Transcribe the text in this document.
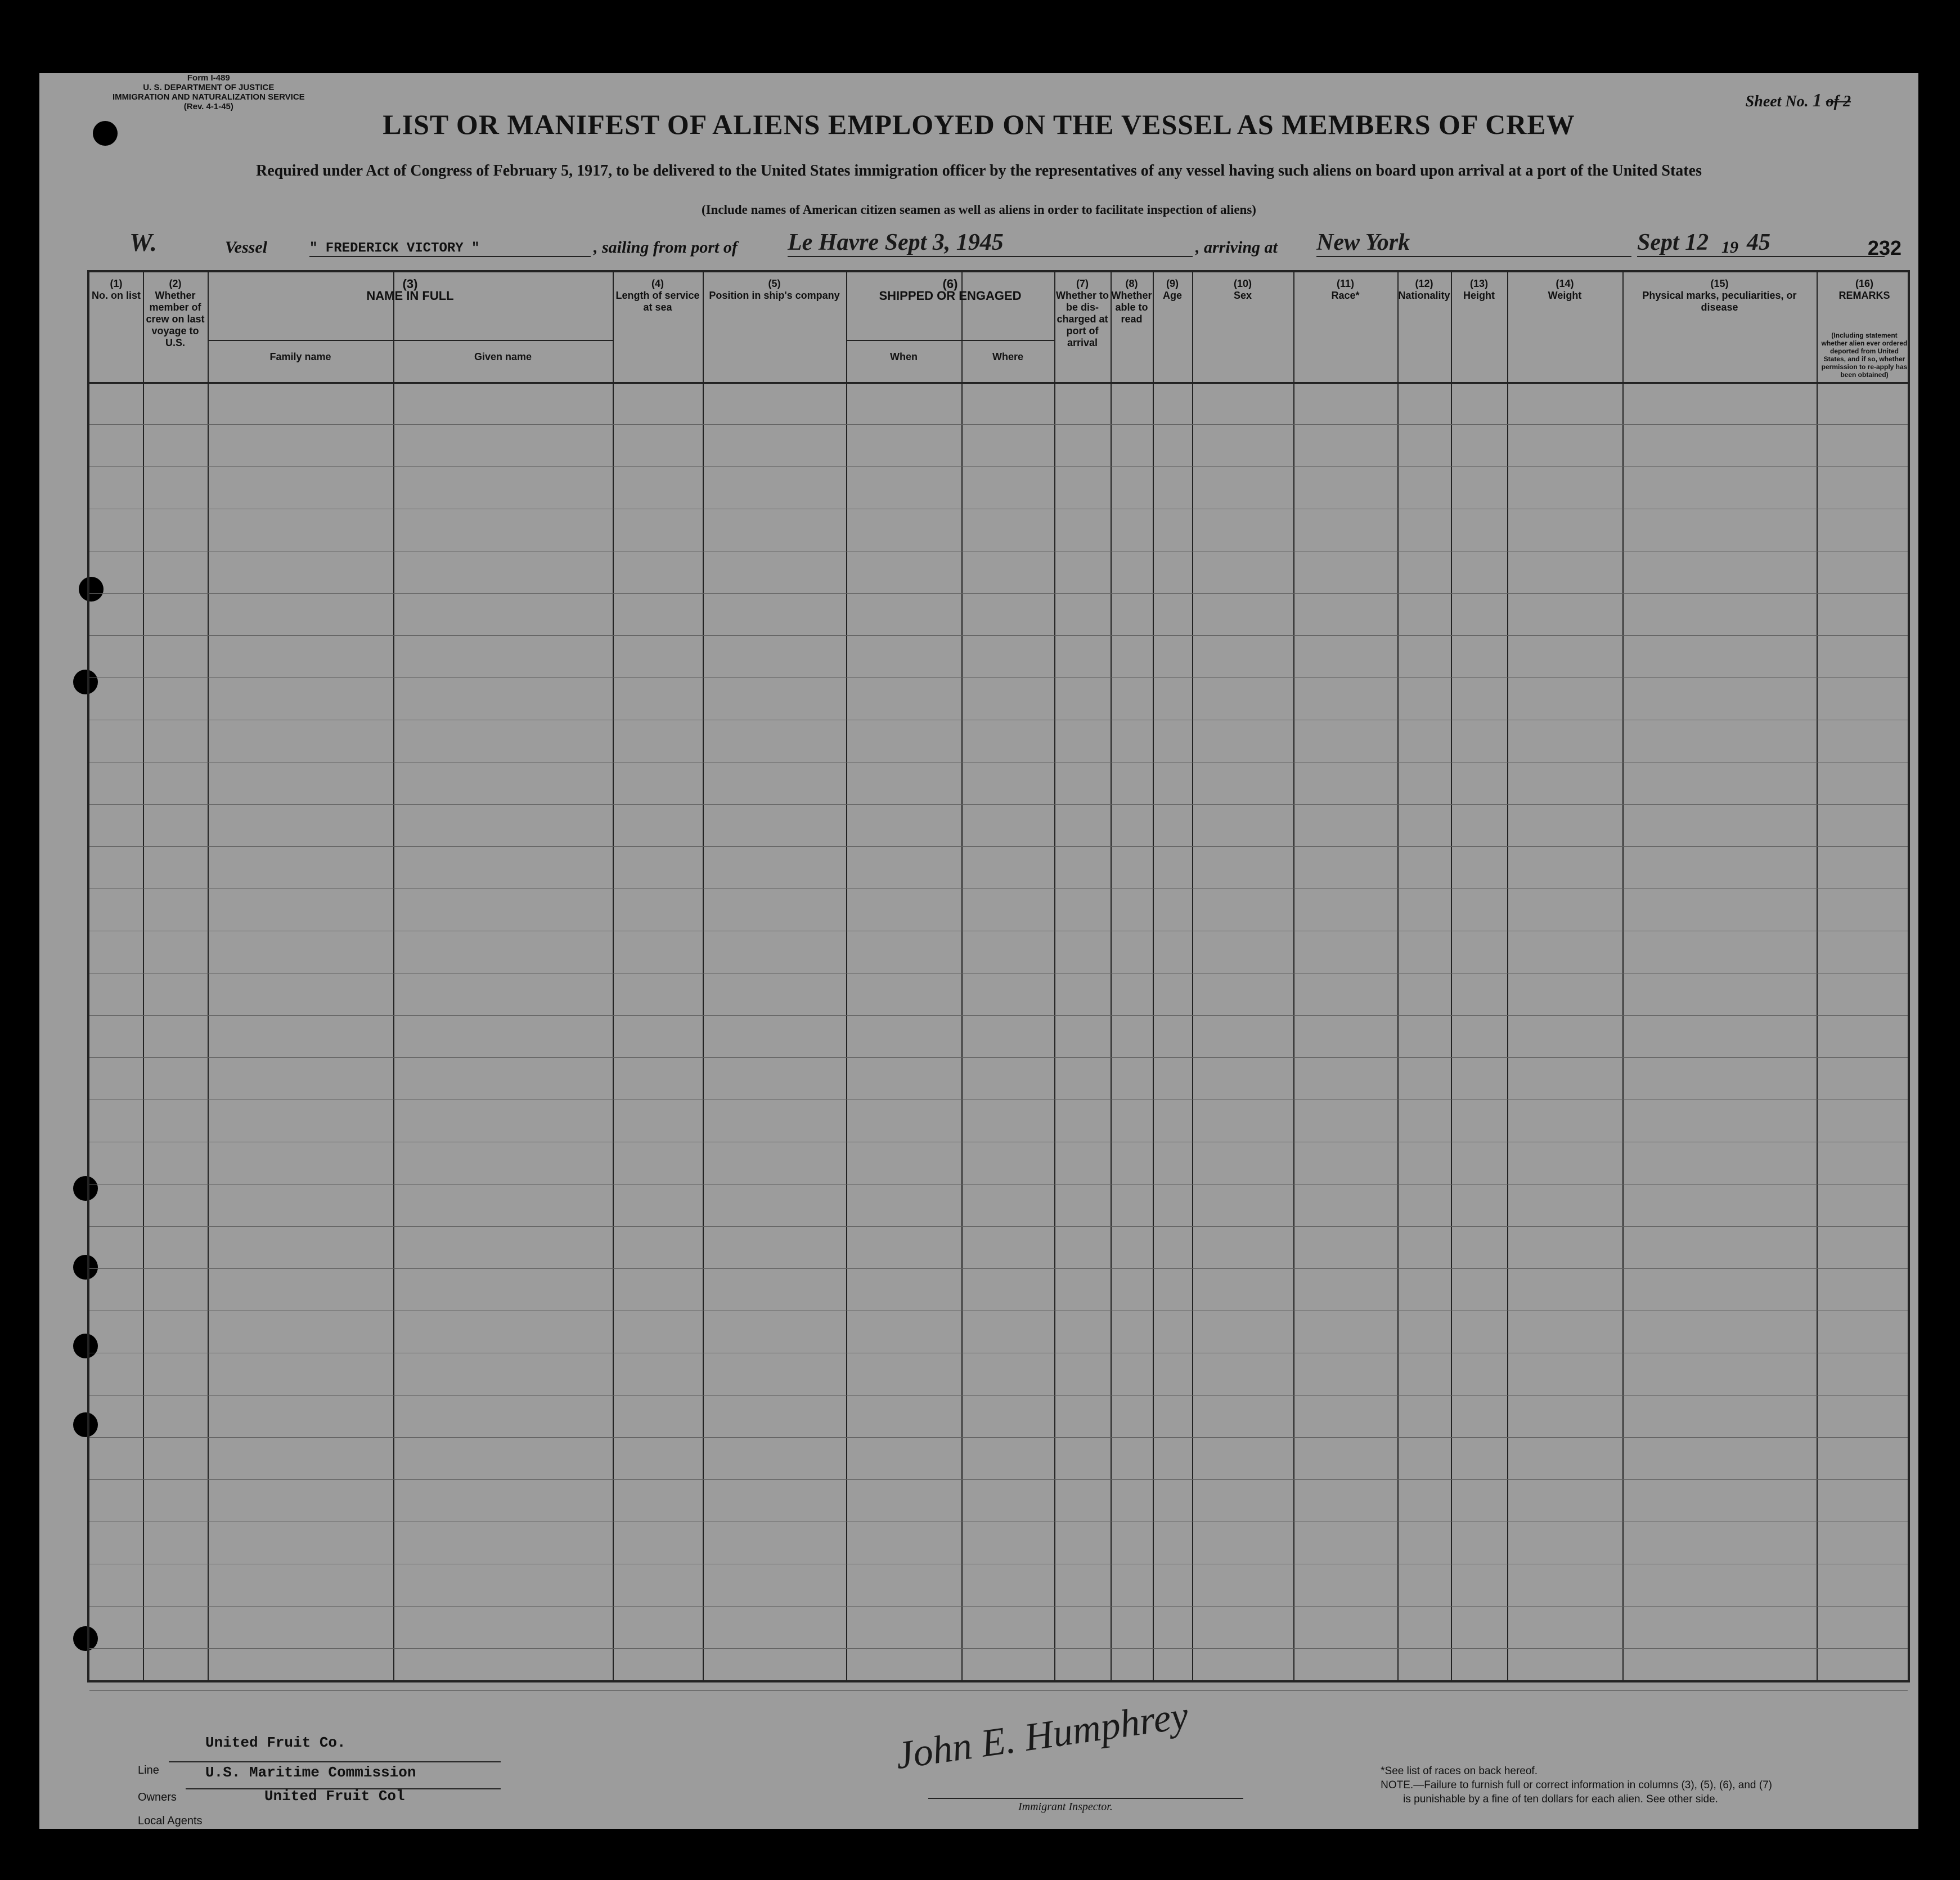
Form I-489
U. S. DEPARTMENT OF JUSTICE
IMMIGRATION AND NATURALIZATION SERVICE
(Rev. 4-1-45)	Sheet No. 1 of 2
LIST OR MANIFEST OF ALIENS EMPLOYED ON THE VESSEL AS MEMBERS OF CREW
Required under Act of Congress of February 5, 1917, to be delivered to the United States immigration officer by the representatives of any vessel having such aliens on board upon arrival at a port of the United States
(Include names of American citizen seamen as well as aliens in order to facilitate inspection of aliens)
W.	Vessel	" FREDERICK VICTORY "	, sailing from port of Le Havre Sept 3, 1945	, arriving at New York	Sept 12 19 45	232
(1)
No. on list
(2)
Whether member of crew on last voyage to U.S.
(3)
NAME IN FULL
Family name	Given name
(4)
Length of service at sea
(5)
Position in ship's company
(6)
SHIPPED OR ENGAGED
When	Where
(7)
Whether to be dis- charged at port of arrival
(8)
Whether able to read
(9)
Age
(10)
Sex
(11)
Race*
(12)
Nationality
(13)
Height
(14)
Weight
(15)
Physical marks, peculiarities, or disease
(16)
REMARKS
(Including statement whether alien ever ordered deported from United States, and if so, whether permission to re-apply has been obtained)
Line
United Fruit Co.
Owners
U.S. Maritime Commission
Local Agents
United Fruit Col
John E. Humphrey
Immigrant Inspector.
*See list of races on back hereof.
NOTE.—Failure to furnish full or correct information in columns (3), (5), (6), and (7)
is punishable by a fine of ten dollars for each alien. See other side.
